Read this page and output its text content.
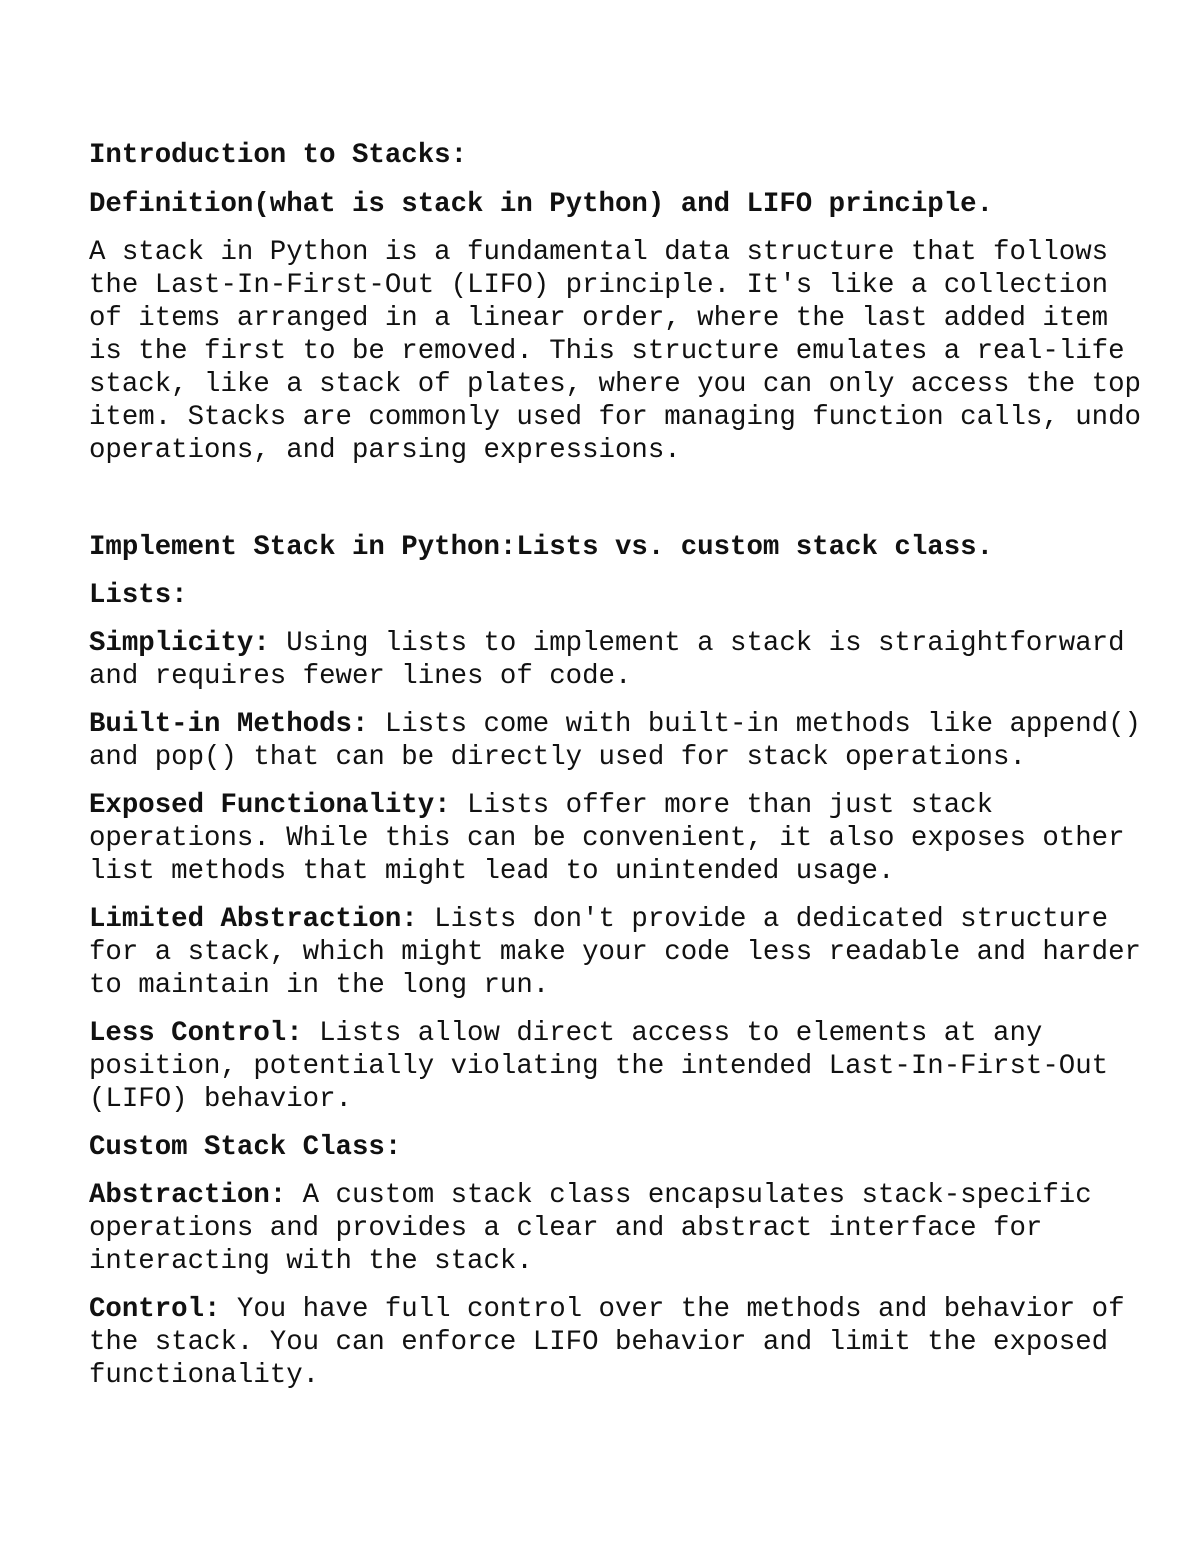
Introduction to Stacks:

Definition(what is stack in Python) and LIFO principle.

A stack in Python is a fundamental data structure that follows
the Last-In-First-Out (LIFO) principle. It's like a collection
of items arranged in a linear order, where the last added item
is the first to be removed. This structure emulates a real-life
stack, like a stack of plates, where you can only access the top
item. Stacks are commonly used for managing function calls, undo
operations, and parsing expressions.

Implement Stack in Python:Lists vs. custom stack class.

Lists:

Simplicity: Using lists to implement a stack is straightforward
and requires fewer lines of code.

Built-in Methods: Lists come with built-in methods like append()
and pop() that can be directly used for stack operations.

Exposed Functionality: Lists offer more than just stack
operations. While this can be convenient, it also exposes other
list methods that might lead to unintended usage.

Limited Abstraction: Lists don't provide a dedicated structure
for a stack, which might make your code less readable and harder
to maintain in the long run.

Less Control: Lists allow direct access to elements at any
position, potentially violating the intended Last-In-First-Out
(LIFO) behavior.

Custom Stack Class:

Abstraction: A custom stack class encapsulates stack-specific
operations and provides a clear and abstract interface for
interacting with the stack.

Control: You have full control over the methods and behavior of
the stack. You can enforce LIFO behavior and limit the exposed
functionality.
